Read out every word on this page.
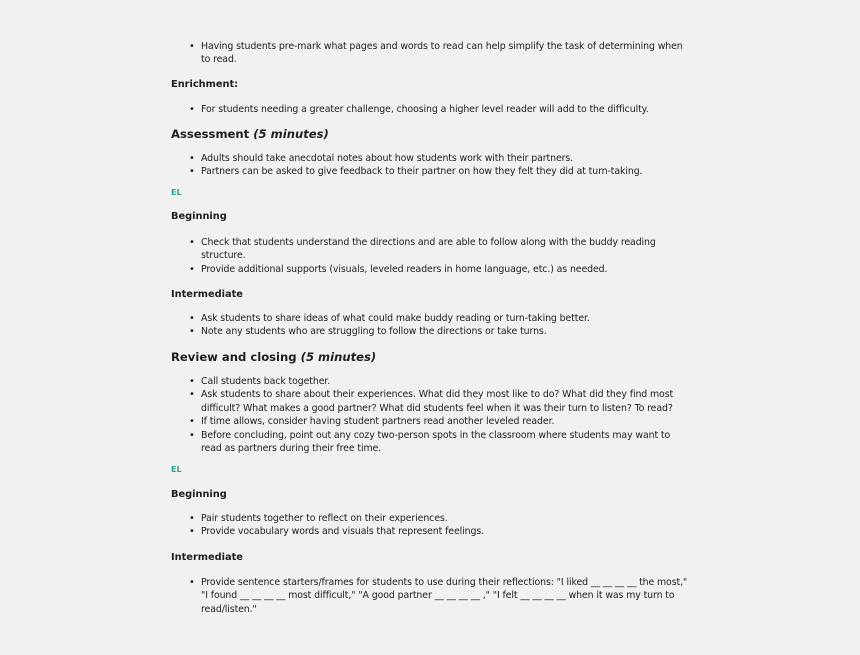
• Having students pre-mark what pages and words to read can help simplify the task of determining when to read.
Enrichment:
• For students needing a greater challenge, choosing a higher level reader will add to the difficulty.
Assessment (5 minutes)
• Adults should take anecdotal notes about how students work with their partners.
• Partners can be asked to give feedback to their partner on how they felt they did at turn-taking.
EL
Beginning
• Check that students understand the directions and are able to follow along with the buddy reading structure.
• Provide additional supports (visuals, leveled readers in home language, etc.) as needed.
Intermediate
• Ask students to share ideas of what could make buddy reading or turn-taking better.
• Note any students who are struggling to follow the directions or take turns.
Review and closing (5 minutes)
• Call students back together.
• Ask students to share about their experiences. What did they most like to do? What did they find most difficult? What makes a good partner? What did students feel when it was their turn to listen? To read?
• If time allows, consider having student partners read another leveled reader.
• Before concluding, point out any cozy two-person spots in the classroom where students may want to read as partners during their free time.
EL
Beginning
• Pair students together to reflect on their experiences.
• Provide vocabulary words and visuals that represent feelings.
Intermediate
• Provide sentence starters/frames for students to use during their reflections: "I liked __ __ __ __ the most," "I found __ __ __ __ most difficult," "A good partner __ __ __ __ ," "I felt __ __ __ __ when it was my turn to read/listen."
